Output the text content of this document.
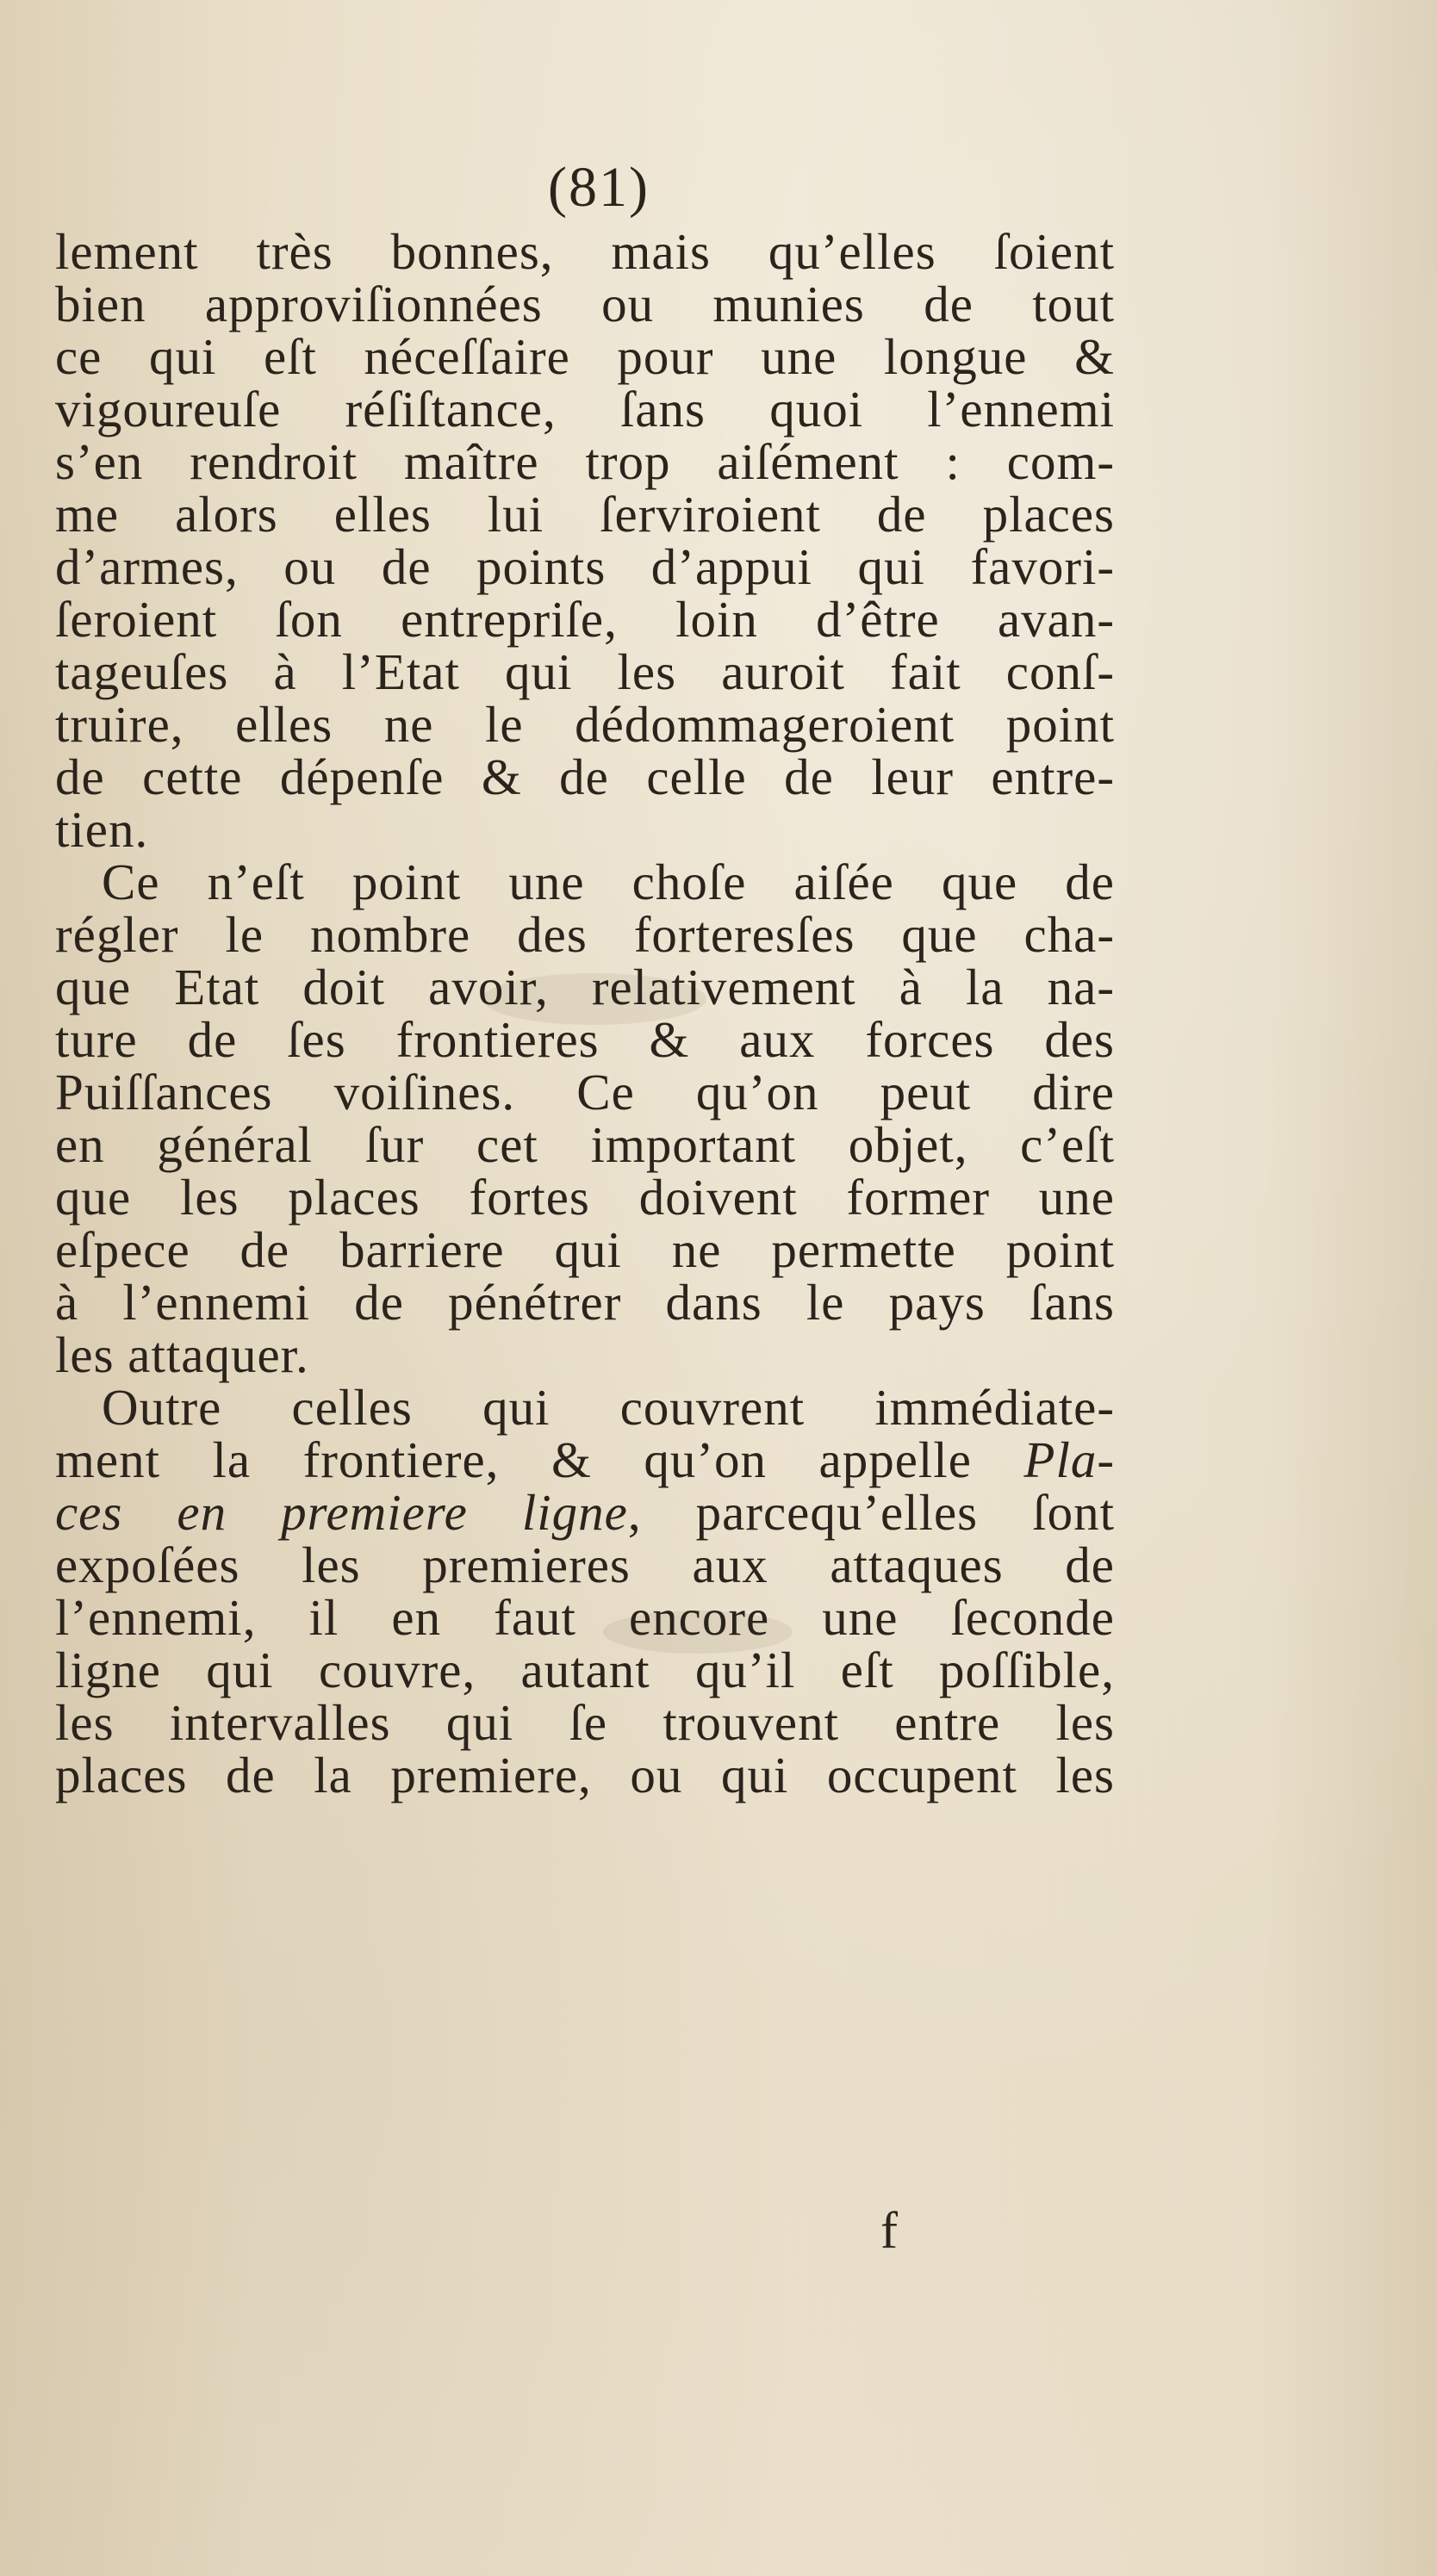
(81)
lement très bonnes, mais qu’elles ſoient
bien approviſionnées ou munies de tout
ce qui eſt néceſſaire pour une longue &
vigoureuſe réſiſtance, ſans quoi l’ennemi
s’en rendroit maître trop aiſément : com-
me alors elles lui ſerviroient de places
d’armes, ou de points d’appui qui favori-
ſeroient ſon entrepriſe, loin d’être avan-
tageuſes à l’Etat qui les auroit fait conſ-
truire, elles ne le dédommageroient point
de cette dépenſe & de celle de leur entre-
tien.
Ce n’eſt point une choſe aiſée que de
régler le nombre des forteresſes que cha-
que Etat doit avoir, relativement à la na-
ture de ſes frontieres & aux forces des
Puiſſances voiſines. Ce qu’on peut dire
en général ſur cet important objet, c’eſt
que les places fortes doivent former une
eſpece de barriere qui ne permette point
à l’ennemi de pénétrer dans le pays ſans
les attaquer.
Outre celles qui couvrent immédiate-
ment la frontiere, & qu’on appelle Pla-
ces en premiere ligne, parcequ’elles ſont
expoſées les premieres aux attaques de
l’ennemi, il en faut encore une ſeconde
ligne qui couvre, autant qu’il eſt poſſible,
les intervalles qui ſe trouvent entre les
places de la premiere, ou qui occupent les
f
